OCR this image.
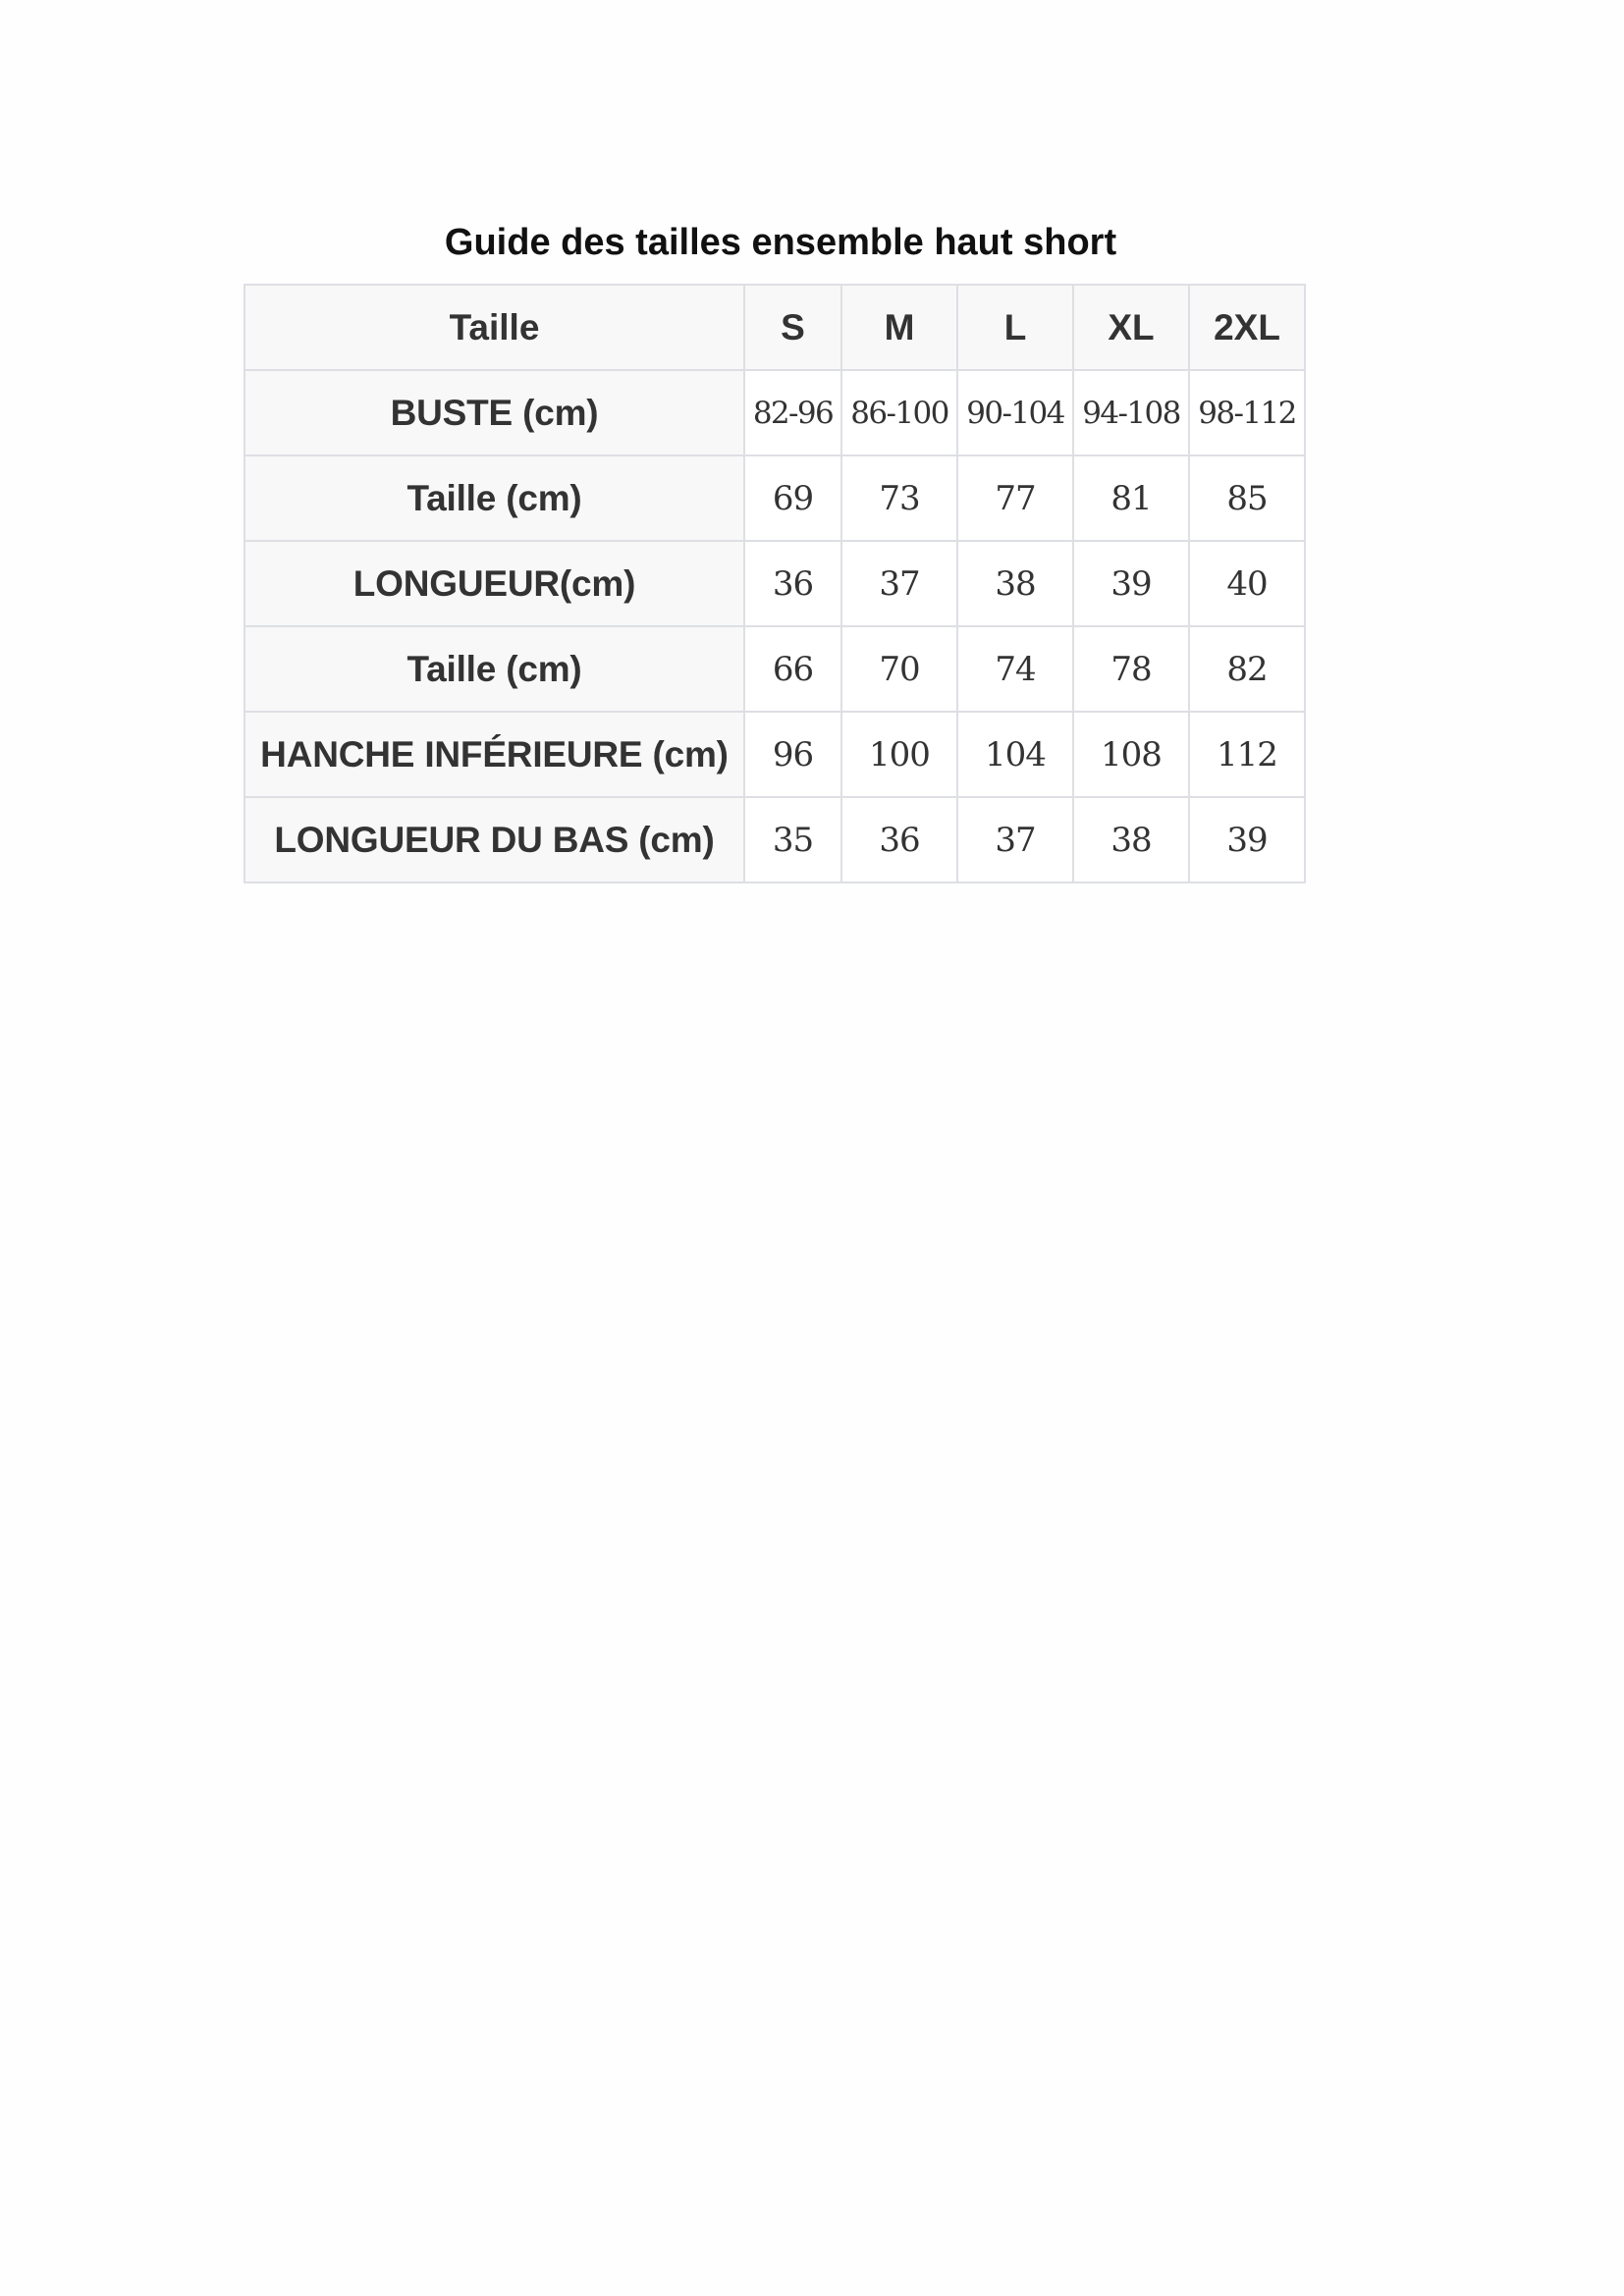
Guide des tailles ensemble haut short
Taille	S	M	L	XL	2XL
BUSTE (cm)	82-96	86-100	90-104	94-108	98-112
Taille (cm)	69	73	77	81	85
LONGUEUR(cm)	36	37	38	39	40
Taille (cm)	66	70	74	78	82
HANCHE INFÉRIEURE (cm)	96	100	104	108	112
LONGUEUR DU BAS (cm)	35	36	37	38	39
